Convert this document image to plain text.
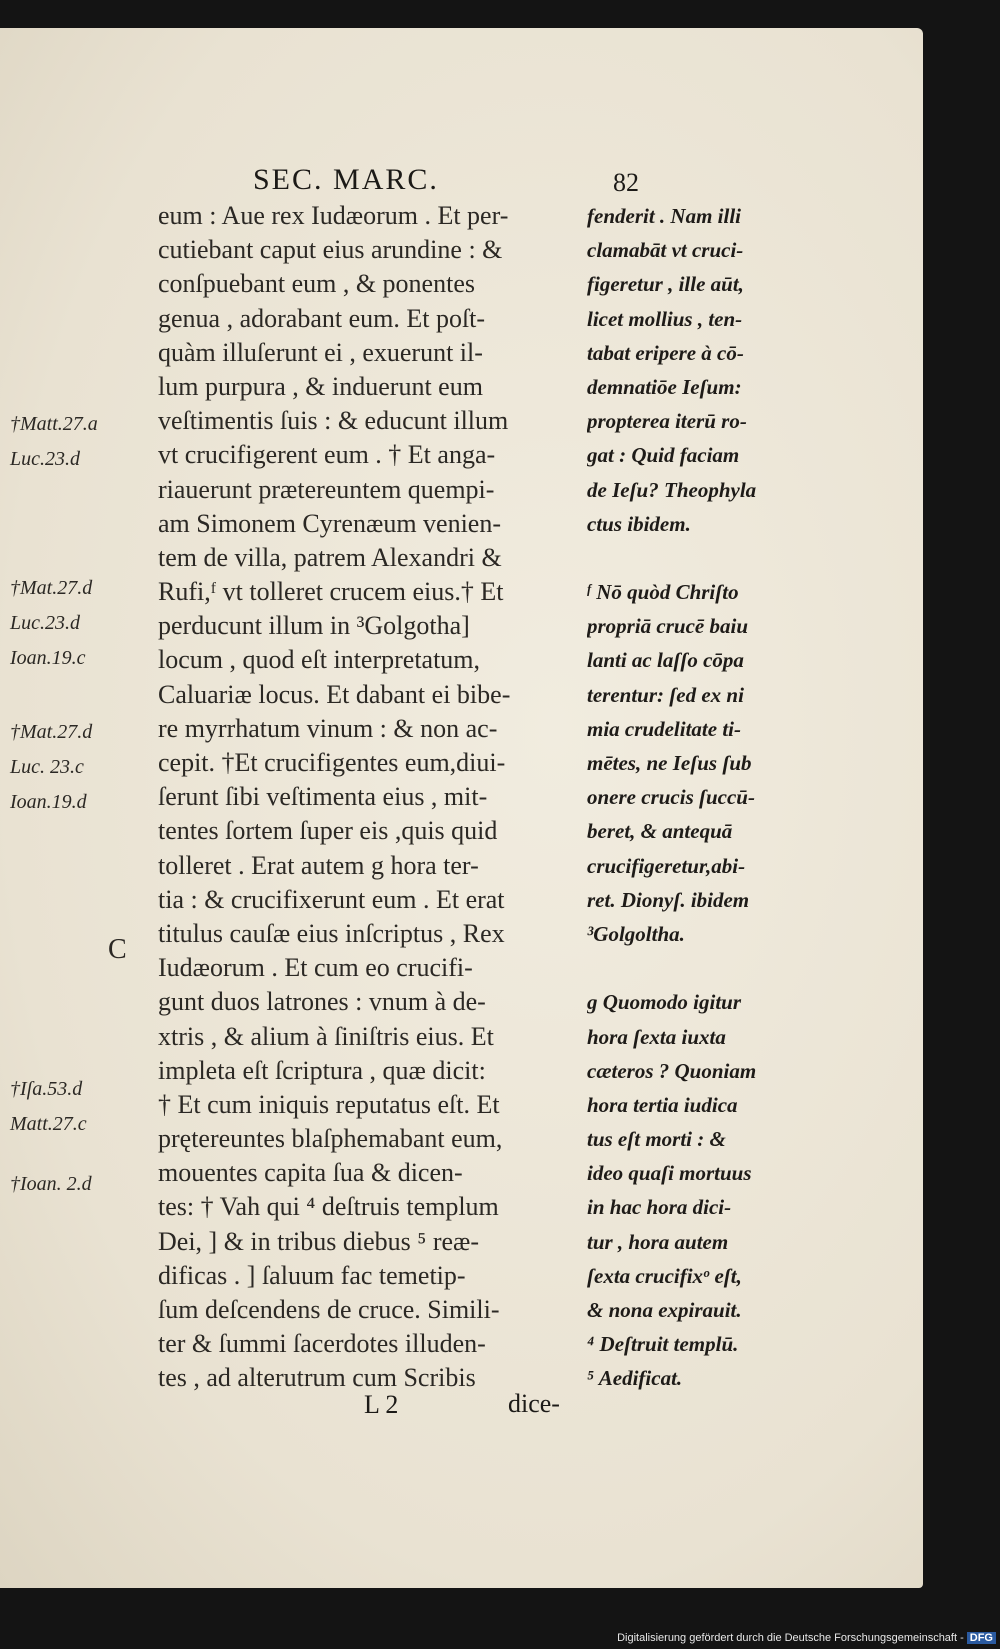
SEC. MARC.	82
eum : Aue rex Iudæorum . Et per-
cutiebant caput eius arundine : &
conſpuebant eum , & ponentes
genua , adorabant eum. Et poſt-
quàm illuſerunt ei , exuerunt il-
lum purpura , & induerunt eum
veſtimentis ſuis : & educunt illum
vt crucifigerent eum . † Et anga-
riauerunt prætereuntem quempi-
am Simonem Cyrenæum venien-
tem de villa, patrem Alexandri &
Rufi,ᶠ vt tolleret crucem eius.† Et
perducunt illum in ³Golgotha]
locum , quod eſt interpretatum,
Caluariæ locus. Et dabant ei bibe-
re myrrhatum vinum : & non ac-
cepit. †Et crucifigentes eum,diui-
ſerunt ſibi veſtimenta eius , mit-
tentes ſortem ſuper eis ,quis quid
tolleret . Erat autem g hora ter-
tia : & crucifixerunt eum . Et erat
titulus cauſæ eius inſcriptus , Rex
Iudæorum . Et cum eo crucifi-
gunt duos latrones : vnum à de-
xtris , & alium à ſiniſtris eius. Et
impleta eſt ſcriptura , quæ dicit:
† Et cum iniquis reputatus eſt. Et
prętereuntes blaſphemabant eum,
mouentes capita ſua & dicen-
tes: † Vah qui ⁴ deſtruis templum
Dei, ] & in tribus diebus ⁵ reæ-
dificas . ] ſaluum fac temetip-
ſum deſcendens de cruce. Simili-
ter & ſummi ſacerdotes illuden-
tes , ad alterutrum cum Scribis
fenderit . Nam illi
clamabāt vt cruci-
figeretur , ille aūt,
licet mollius , ten-
tabat eripere à cō-
demnatiōe Ieſum:
propterea iterū ro-
gat : Quid faciam
de Ieſu? Theophyla
ctus ibidem.
ᶠ Nō quòd Chriſto
propriā crucē baiu
lanti ac laſſo cōpa
terentur: ſed ex ni
mia crudelitate ti-
mētes, ne Ieſus ſub
onere crucis ſuccū-
beret, & antequā
crucifigeretur,abi-
ret. Dionyſ. ibidem
³Golgoltha.
g Quomodo igitur
hora ſexta iuxta
cæteros ? Quoniam
hora tertia iudica
tus eſt morti : &
ideo quaſi mortuus
in hac hora dici-
tur , hora autem
ſexta crucifixᵒ eſt,
& nona expirauit.
⁴ Deſtruit templū.
⁵ Aedificat.
†Matt.27.a
Luc.23.d
†Mat.27.d
Luc.23.d
Ioan.19.c
†Mat.27.d
Luc. 23.c
Ioan.19.d
†Iſa.53.d
Matt.27.c
†Ioan. 2.d
C
L 2	dice-
Digitalisierung gefördert durch die Deutsche Forschungsgemeinschaft - DFG
